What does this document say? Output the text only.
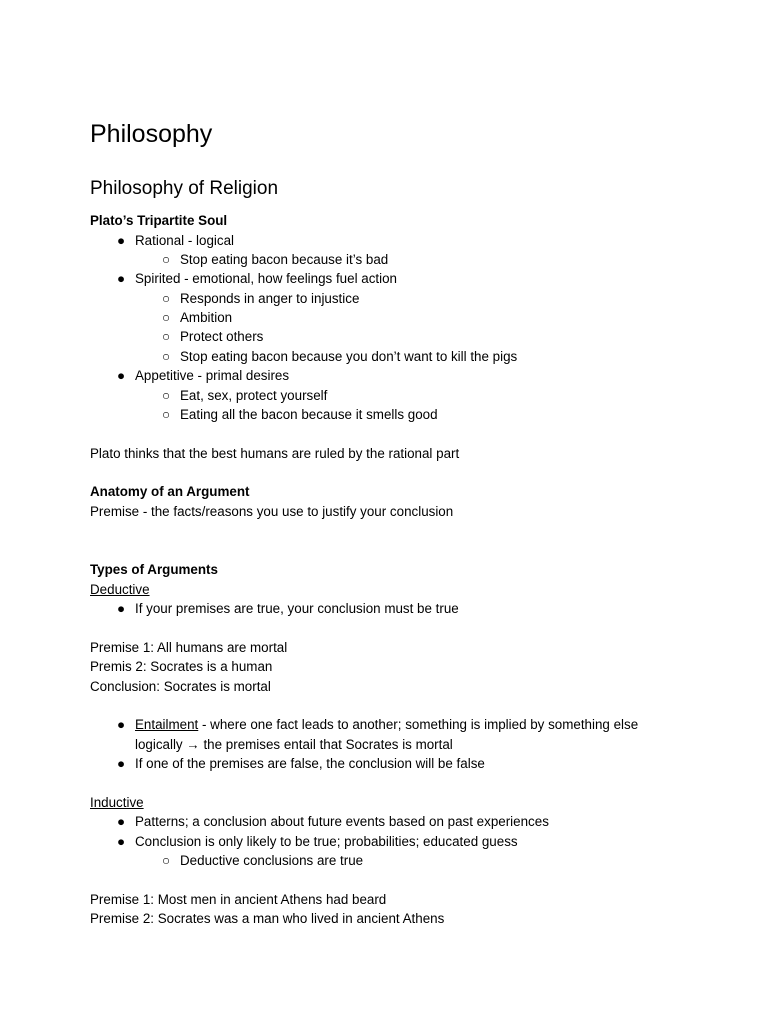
Philosophy
Philosophy of Religion
Plato’s Tripartite Soul
● Rational - logical
○ Stop eating bacon because it’s bad
● Spirited - emotional, how feelings fuel action
○ Responds in anger to injustice
○ Ambition
○ Protect others
○ Stop eating bacon because you don’t want to kill the pigs
● Appetitive - primal desires
○ Eat, sex, protect yourself
○ Eating all the bacon because it smells good
Plato thinks that the best humans are ruled by the rational part
Anatomy of an Argument
Premise - the facts/reasons you use to justify your conclusion
Types of Arguments
Deductive
● If your premises are true, your conclusion must be true
Premise 1: All humans are mortal
Premis 2: Socrates is a human
Conclusion: Socrates is mortal
● Entailment - where one fact leads to another; something is implied by something else
logically → the premises entail that Socrates is mortal
● If one of the premises are false, the conclusion will be false
Inductive
● Patterns; a conclusion about future events based on past experiences
● Conclusion is only likely to be true; probabilities; educated guess
○ Deductive conclusions are true
Premise 1: Most men in ancient Athens had beard
Premise 2: Socrates was a man who lived in ancient Athens
